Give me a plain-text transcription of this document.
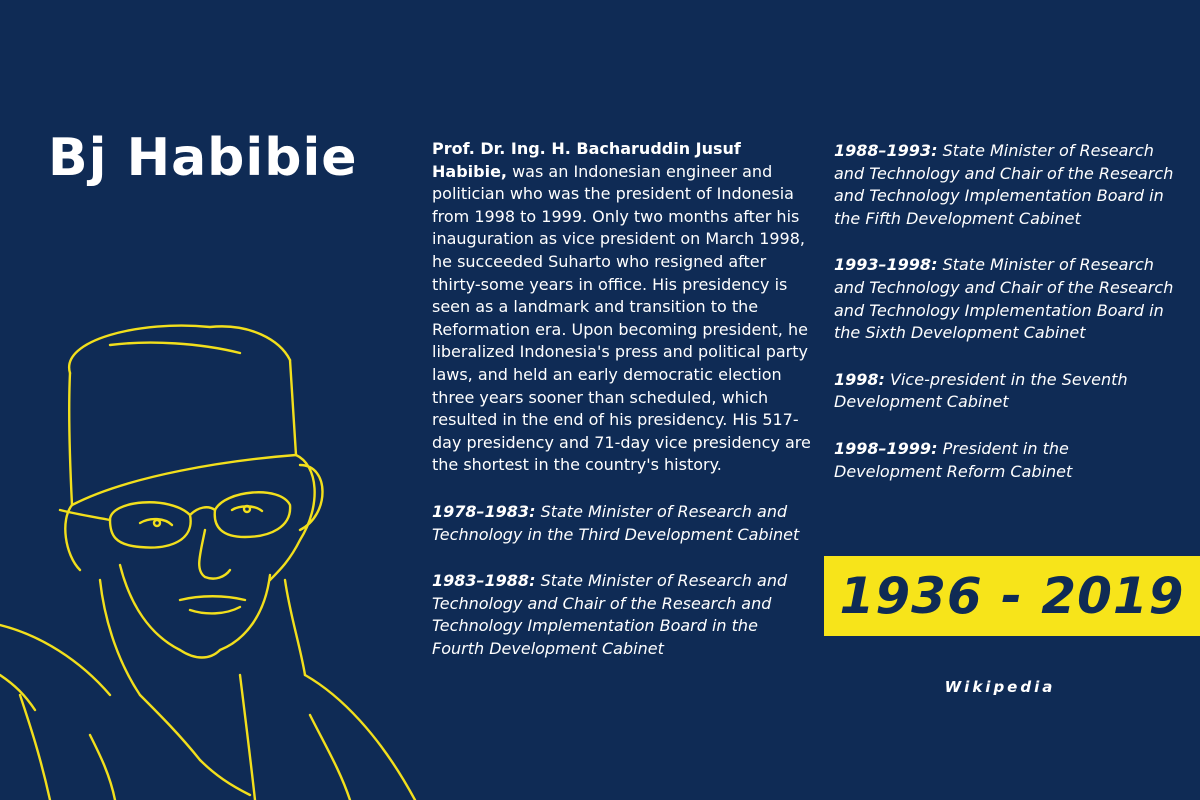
Bj Habibie	Prof. Dr. Ing. H. Bacharuddin Jusuf Habibie, was an Indonesian engineer and politician who was the president of Indonesia from 1998 to 1999. Only two months after his inauguration as vice president on March 1998, he succeeded Suharto who resigned after thirty-some years in office. His presidency is seen as a landmark and transition to the Reformation era. Upon becoming president, he liberalized Indonesia's press and political party laws, and held an early democratic election three years sooner than scheduled, which resulted in the end of his presidency. His 517-day presidency and 71-day vice presidency are the shortest in the country's history.

1978–1983: State Minister of Research and Technology in the Third Development Cabinet

1983–1988: State Minister of Research and Technology and Chair of the Research and Technology Implementation Board in the Fourth Development Cabinet

1988–1993: State Minister of Research and Technology and Chair of the Research and Technology Implementation Board in the Fifth Development Cabinet

1993–1998: State Minister of Research and Technology and Chair of the Research and Technology Implementation Board in the Sixth Development Cabinet

1998: Vice-president in the Seventh Development Cabinet

1998–1999: President in the Development Reform Cabinet

1936 - 2019
Wikipedia
